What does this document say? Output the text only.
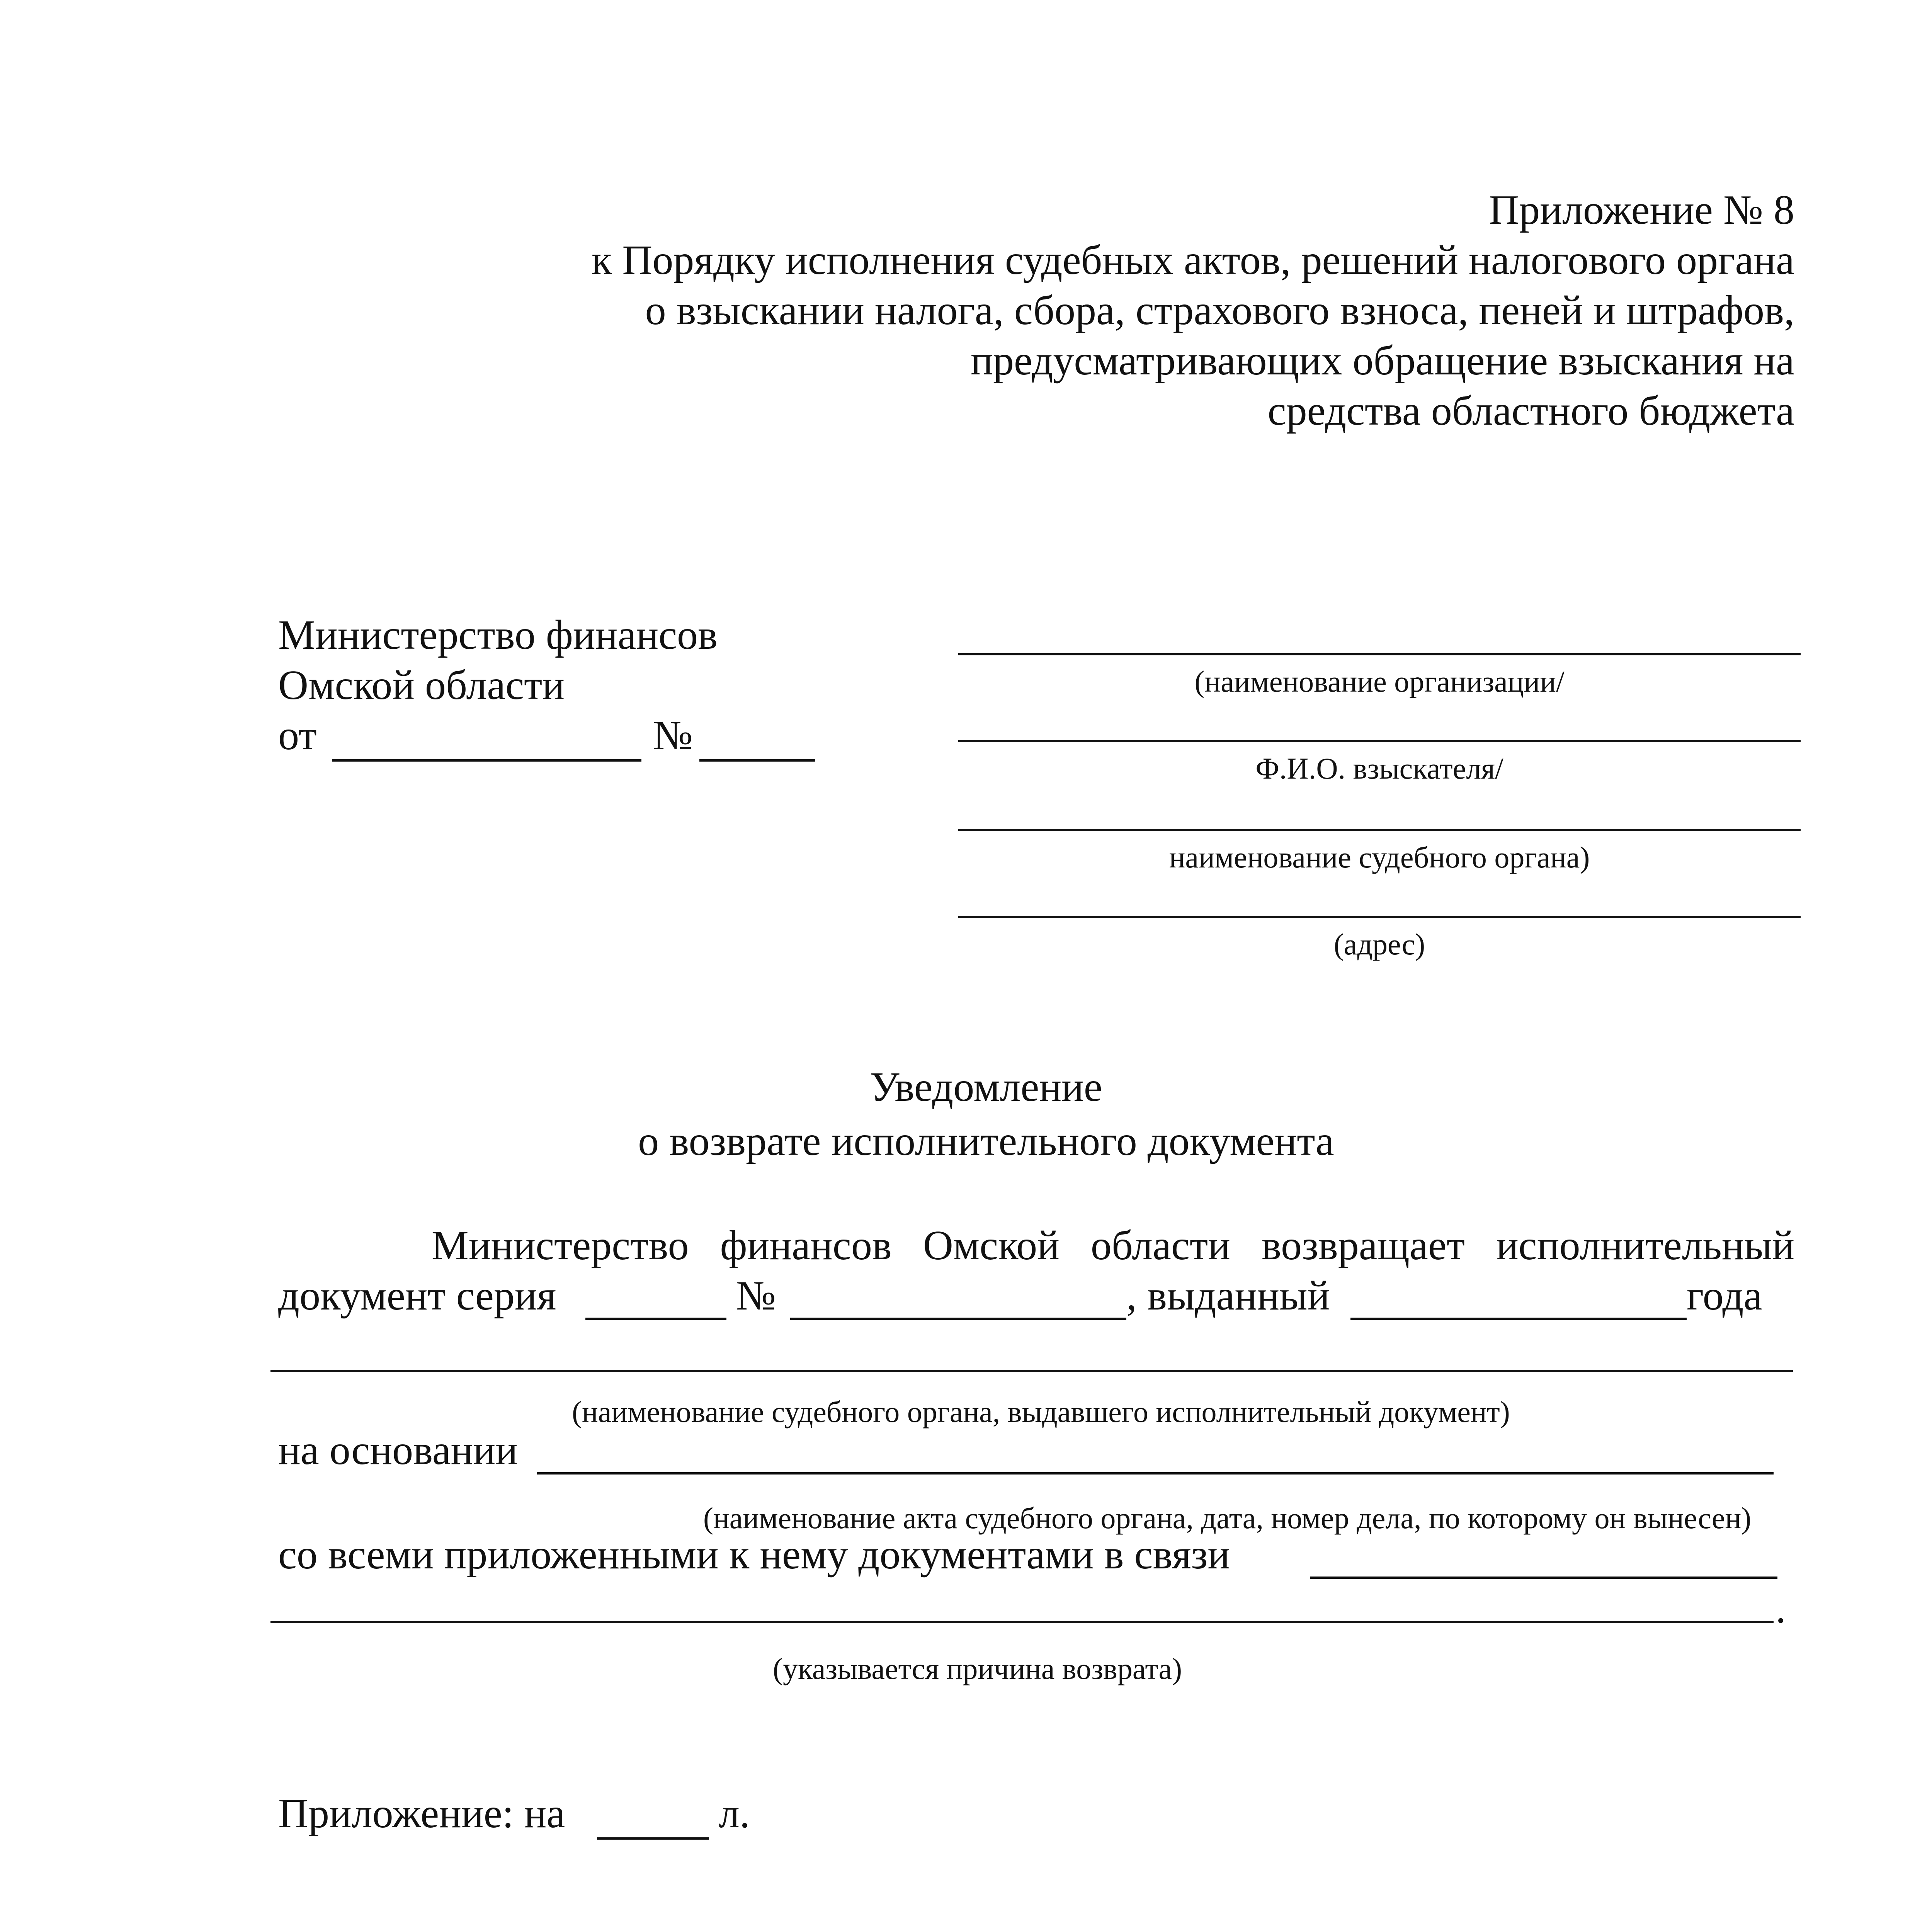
Приложение № 8
к Порядку исполнения судебных актов, решений налогового органа
о взыскании налога, сбора, страхового взноса, пеней и штрафов,
предусматривающих обращение взыскания на
средства областного бюджета
Министерство финансов
Омской области
от	№
(наименование организации/
Ф.И.О. взыскателя/
наименование судебного органа)
(адрес)
Уведомление
о возврате исполнительного документа
Министерство   финансов   Омской   области   возвращает   исполнительный
документ серия	№	, выданный	года
(наименование судебного органа, выдавшего исполнительный документ)
на основании
(наименование акта судебного органа, дата, номер дела, по которому он вынесен)
со всеми приложенными к нему документами в связи
.
(указывается причина возврата)
Приложение: на	л.
